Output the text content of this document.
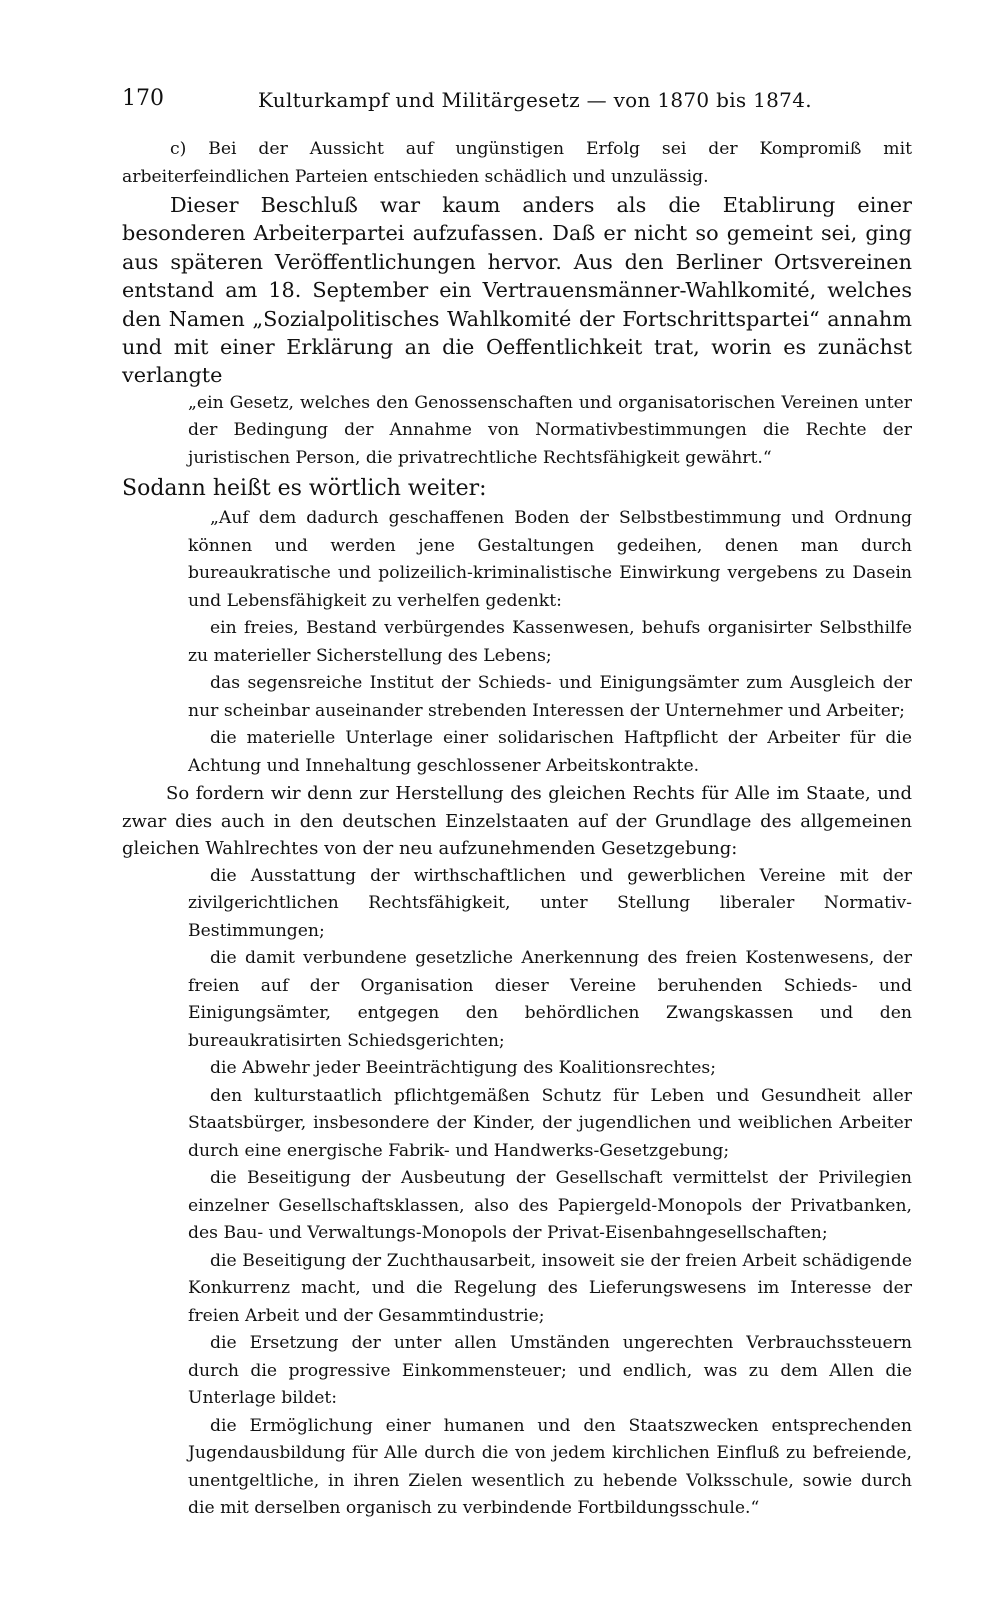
170	Kulturkampf und Militärgesetz — von 1870 bis 1874.

c) Bei der Aussicht auf ungünstigen Erfolg sei der Kompromiß mit arbeiterfeindlichen Parteien entschieden schädlich und unzulässig.

Dieser Beschluß war kaum anders als die Etablirung einer besonderen Arbeiterpartei aufzufassen. Daß er nicht so gemeint sei, ging aus späteren Veröffentlichungen hervor. Aus den Berliner Ortsvereinen entstand am 18. September ein Vertrauensmänner-Wahlkomité, welches den Namen „Sozialpolitisches Wahlkomité der Fortschrittspartei“ annahm und mit einer Erklärung an die Oeffentlichkeit trat, worin es zunächst verlangte

„ein Gesetz, welches den Genossenschaften und organisatorischen Vereinen unter der Bedingung der Annahme von Normativbestimmungen die Rechte der juristischen Person, die privatrechtliche Rechtsfähigkeit gewährt.“

Sodann heißt es wörtlich weiter:

„Auf dem dadurch geschaffenen Boden der Selbstbestimmung und Ordnung können und werden jene Gestaltungen gedeihen, denen man durch bureaukratische und polizeilich-kriminalistische Einwirkung vergebens zu Dasein und Lebensfähigkeit zu verhelfen gedenkt:

ein freies, Bestand verbürgendes Kassenwesen, behufs organisirter Selbsthilfe zu materieller Sicherstellung des Lebens;

das segensreiche Institut der Schieds- und Einigungsämter zum Ausgleich der nur scheinbar auseinander strebenden Interessen der Unternehmer und Arbeiter;

die materielle Unterlage einer solidarischen Haftpflicht der Arbeiter für die Achtung und Innehaltung geschlossener Arbeitskontrakte.

So fordern wir denn zur Herstellung des gleichen Rechts für Alle im Staate, und zwar dies auch in den deutschen Einzelstaaten auf der Grundlage des allgemeinen gleichen Wahlrechtes von der neu aufzunehmenden Gesetzgebung:

die Ausstattung der wirthschaftlichen und gewerblichen Vereine mit der zivilgerichtlichen Rechtsfähigkeit, unter Stellung liberaler Normativ-Bestimmungen;

die damit verbundene gesetzliche Anerkennung des freien Kostenwesens, der freien auf der Organisation dieser Vereine beruhenden Schieds- und Einigungsämter, entgegen den behördlichen Zwangskassen und den bureaukratisirten Schiedsgerichten;

die Abwehr jeder Beeinträchtigung des Koalitionsrechtes;

den kulturstaatlich pflichtgemäßen Schutz für Leben und Gesundheit aller Staatsbürger, insbesondere der Kinder, der jugendlichen und weiblichen Arbeiter durch eine energische Fabrik- und Handwerks-Gesetzgebung;

die Beseitigung der Ausbeutung der Gesellschaft vermittelst der Privilegien einzelner Gesellschaftsklassen, also des Papiergeld-Monopols der Privatbanken, des Bau- und Verwaltungs-Monopols der Privat-Eisenbahngesellschaften;

die Beseitigung der Zuchthausarbeit, insoweit sie der freien Arbeit schädigende Konkurrenz macht, und die Regelung des Lieferungswesens im Interesse der freien Arbeit und der Gesammtindustrie;

die Ersetzung der unter allen Umständen ungerechten Verbrauchssteuern durch die progressive Einkommensteuer; und endlich, was zu dem Allen die Unterlage bildet:

die Ermöglichung einer humanen und den Staatszwecken entsprechenden Jugendausbildung für Alle durch die von jedem kirchlichen Einfluß zu befreiende, unentgeltliche, in ihren Zielen wesentlich zu hebende Volksschule, sowie durch die mit derselben organisch zu verbindende Fortbildungsschule.“
